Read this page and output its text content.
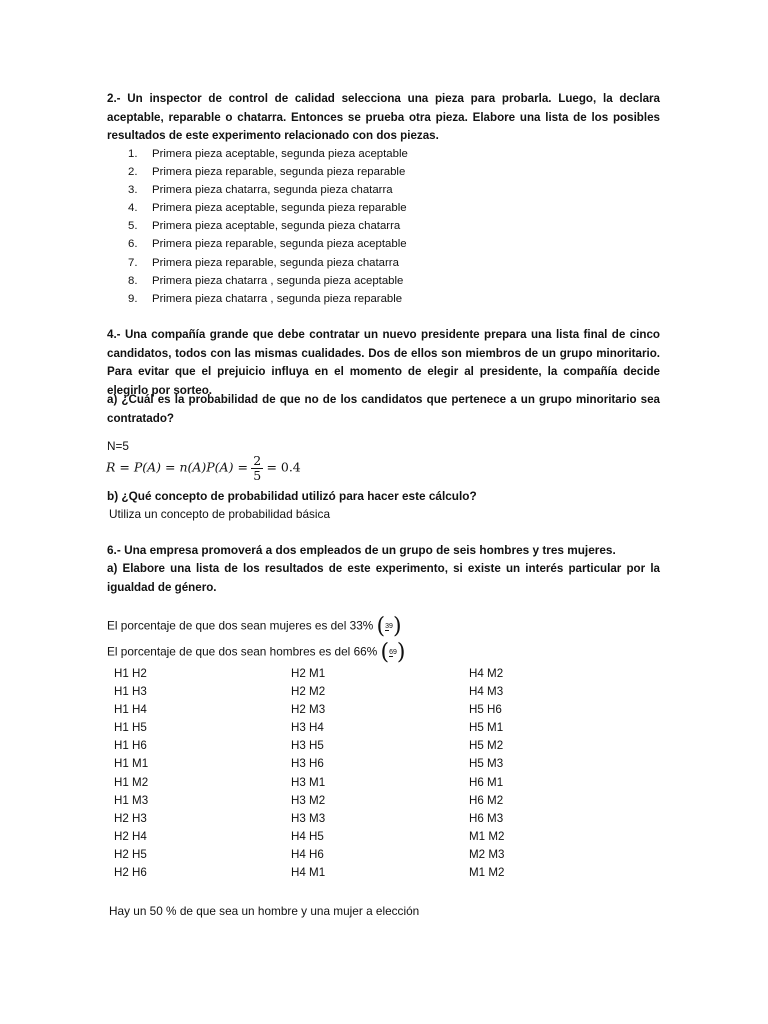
2.- Un inspector de control de calidad selecciona una pieza para probarla. Luego, la declara aceptable, reparable o chatarra. Entonces se prueba otra pieza. Elabore una lista de los posibles resultados de este experimento relacionado con dos piezas.

1. Primera pieza aceptable, segunda pieza aceptable
2. Primera pieza reparable, segunda pieza reparable
3. Primera pieza chatarra, segunda pieza chatarra
4. Primera pieza aceptable, segunda pieza reparable
5. Primera pieza aceptable, segunda pieza chatarra
6. Primera pieza reparable, segunda pieza aceptable
7. Primera pieza reparable, segunda pieza chatarra
8. Primera pieza chatarra , segunda pieza aceptable
9. Primera pieza chatarra , segunda pieza reparable

4.- Una compañía grande que debe contratar un nuevo presidente prepara una lista final de cinco candidatos, todos con las mismas cualidades. Dos de ellos son miembros de un grupo minoritario. Para evitar que el prejuicio influya en el momento de elegir al presidente, la compañía decide elegirlo por sorteo.

a) ¿Cuál es la probabilidad de que no de los candidatos que pertenece a un grupo minoritario sea contratado?

N=5

$R = P(A) = n(A)P(A) = \frac{2}{5} = 0.4$

b) ¿Qué concepto de probabilidad utilizó para hacer este cálculo?

Utiliza un concepto de probabilidad básica

6.- Una empresa promoverá a dos empleados de un grupo de seis hombres y tres mujeres.

a) Elabore una lista de los resultados de este experimento, si existe un interés particular por la igualdad de género.

El porcentaje de que dos sean mujeres es del 33% (39)
El porcentaje de que dos sean hombres es del 66% (69)
H1 H2
H1 H3
H1 H4
H1 H5
H1 H6
H1 M1
H1 M2
H1 M3
H2 H3
H2 H4
H2 H5
H2 H6
H2 M1
H2 M2
H2 M3
H3 H4
H3 H5
H3 H6
H3 M1
H3 M2
H3 M3
H4 H5
H4 H6
H4 M1
H4 M2
H4 M3
H5 H6
H5 M1
H5 M2
H5 M3
H6 M1
H6 M2
H6 M3
M1 M2
M2 M3
M1 M2

Hay un 50 % de que sea un hombre y una mujer a elección
